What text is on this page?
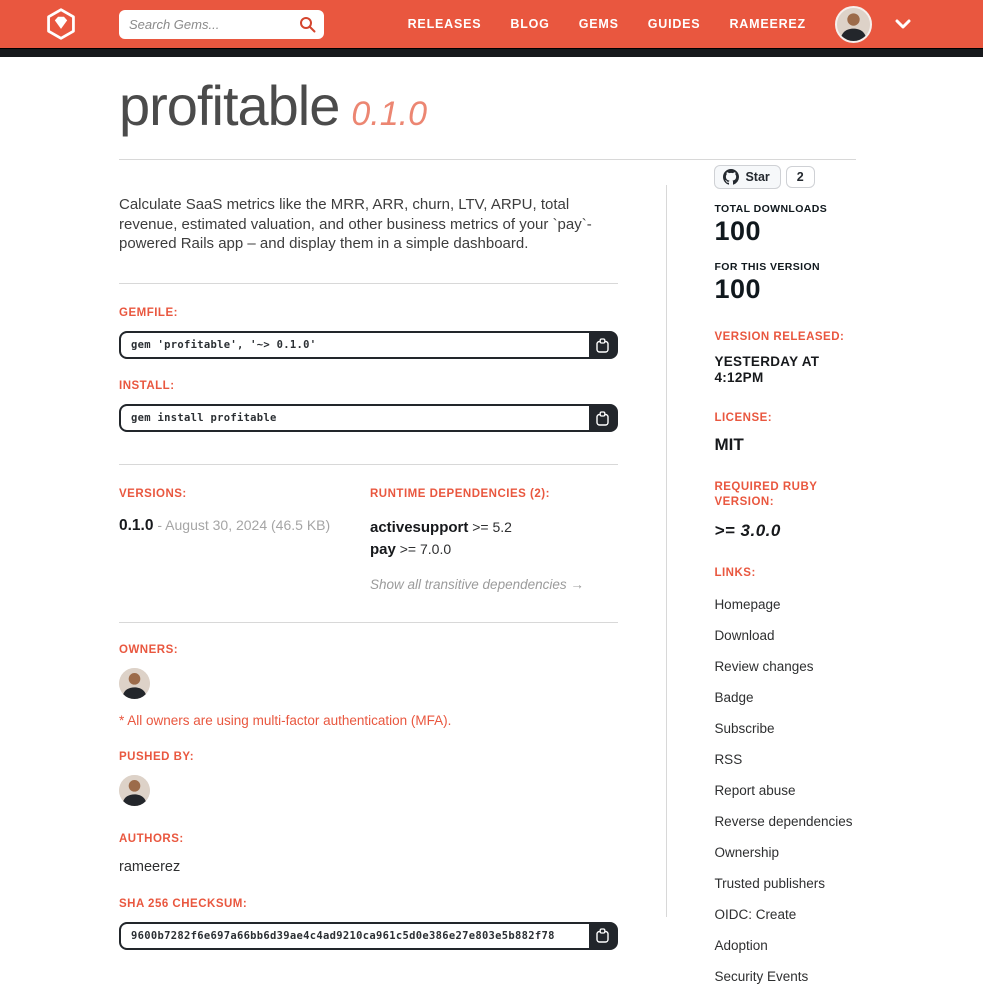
Search Gems...
RELEASES BLOG GEMS GUIDES RAMEEREZ
profitable 0.1.0

Calculate SaaS metrics like the MRR, ARR, churn, LTV, ARPU, total revenue, estimated valuation, and other business metrics of your `pay`-powered Rails app – and display them in a simple dashboard.

GEMFILE:
gem 'profitable', '~> 0.1.0'
INSTALL:
gem install profitable
VERSIONS:
0.1.0 - August 30, 2024 (46.5 KB)
RUNTIME DEPENDENCIES (2):
activesupport >= 5.2
pay >= 7.0.0
Show all transitive dependencies →
OWNERS:
* All owners are using multi-factor authentication (MFA).
PUSHED BY:
AUTHORS:
rameerez
SHA 256 CHECKSUM:
9600b7282f6e697a66bb6d39ae4c4ad9210ca961c5d0e386e27e803e5b882f78
Star	2
TOTAL DOWNLOADS
100
FOR THIS VERSION
100
VERSION RELEASED:
YESTERDAY AT 4:12PM
LICENSE:
MIT
REQUIRED RUBY VERSION:
>= 3.0.0
LINKS:
Homepage
Download
Review changes
Badge
Subscribe
RSS
Report abuse
Reverse dependencies
Ownership
Trusted publishers
OIDC: Create
Adoption
Security Events
